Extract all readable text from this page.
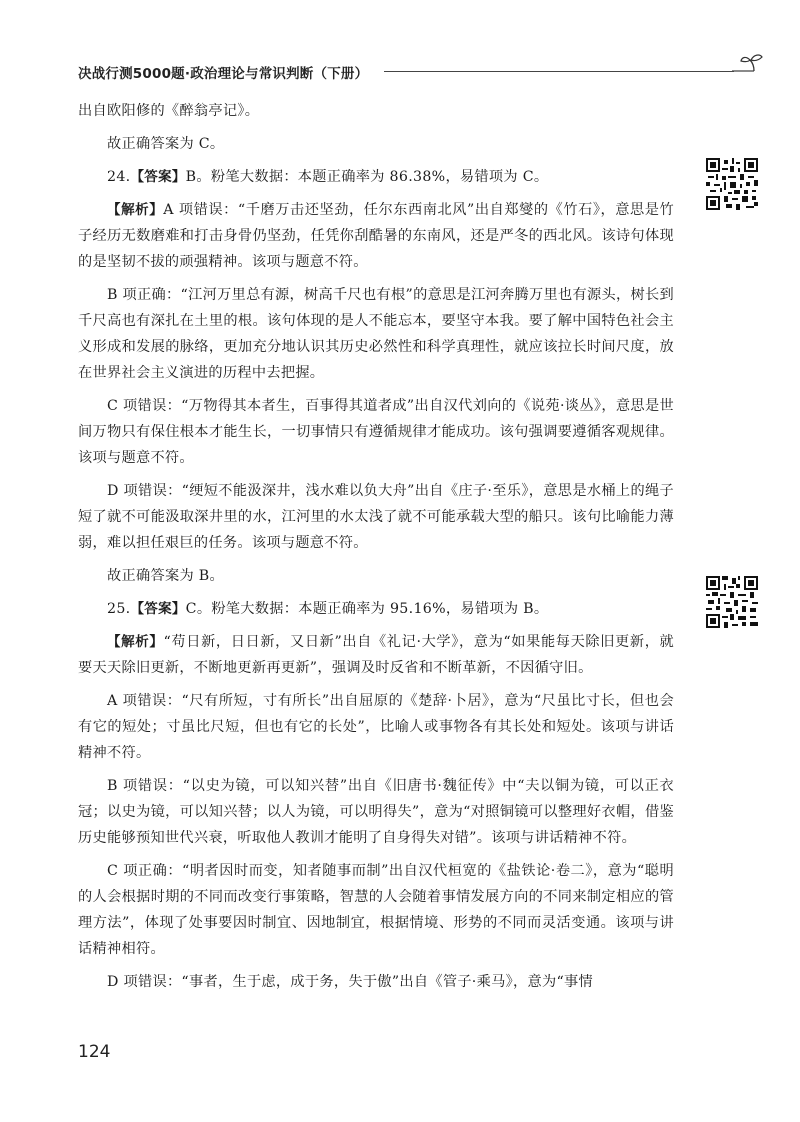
决战行测5000题·政治理论与常识判断（下册）

出自欧阳修的《醉翁亭记》。

故正确答案为 C。

24.【答案】B。粉笔大数据：本题正确率为 86.38%，易错项为 C。

【解析】A 项错误：“千磨万击还坚劲，任尔东西南北风”出自郑燮的《竹石》，意思是竹子经历无数磨难和打击身骨仍坚劲，任凭你刮酷暑的东南风，还是严冬的西北风。该诗句体现的是坚韧不拔的顽强精神。该项与题意不符。

B 项正确：“江河万里总有源，树高千尺也有根”的意思是江河奔腾万里也有源头，树长到千尺高也有深扎在土里的根。该句体现的是人不能忘本，要坚守本我。要了解中国特色社会主义形成和发展的脉络，更加充分地认识其历史必然性和科学真理性，就应该拉长时间尺度，放在世界社会主义演进的历程中去把握。

C 项错误：“万物得其本者生，百事得其道者成”出自汉代刘向的《说苑·谈丛》，意思是世间万物只有保住根本才能生长，一切事情只有遵循规律才能成功。该句强调要遵循客观规律。该项与题意不符。

D 项错误：“绠短不能汲深井，浅水难以负大舟”出自《庄子·至乐》，意思是水桶上的绳子短了就不可能汲取深井里的水，江河里的水太浅了就不可能承载大型的船只。该句比喻能力薄弱，难以担任艰巨的任务。该项与题意不符。

故正确答案为 B。

25.【答案】C。粉笔大数据：本题正确率为 95.16%，易错项为 B。

【解析】“苟日新，日日新，又日新”出自《礼记·大学》，意为“如果能每天除旧更新，就要天天除旧更新，不断地更新再更新”，强调及时反省和不断革新，不因循守旧。

A 项错误：“尺有所短，寸有所长”出自屈原的《楚辞·卜居》，意为“尺虽比寸长，但也会有它的短处；寸虽比尺短，但也有它的长处”，比喻人或事物各有其长处和短处。该项与讲话精神不符。

B 项错误：“以史为镜，可以知兴替”出自《旧唐书·魏征传》中“夫以铜为镜，可以正衣冠；以史为镜，可以知兴替；以人为镜，可以明得失”，意为“对照铜镜可以整理好衣帽，借鉴历史能够预知世代兴衰，听取他人教训才能明了自身得失对错”。该项与讲话精神不符。

C 项正确：“明者因时而变，知者随事而制”出自汉代桓宽的《盐铁论·卷二》，意为“聪明的人会根据时期的不同而改变行事策略，智慧的人会随着事情发展方向的不同来制定相应的管理方法”，体现了处事要因时制宜、因地制宜，根据情境、形势的不同而灵活变通。该项与讲话精神相符。

D 项错误：“事者，生于虑，成于务，失于傲”出自《管子·乘马》，意为“事情

124
